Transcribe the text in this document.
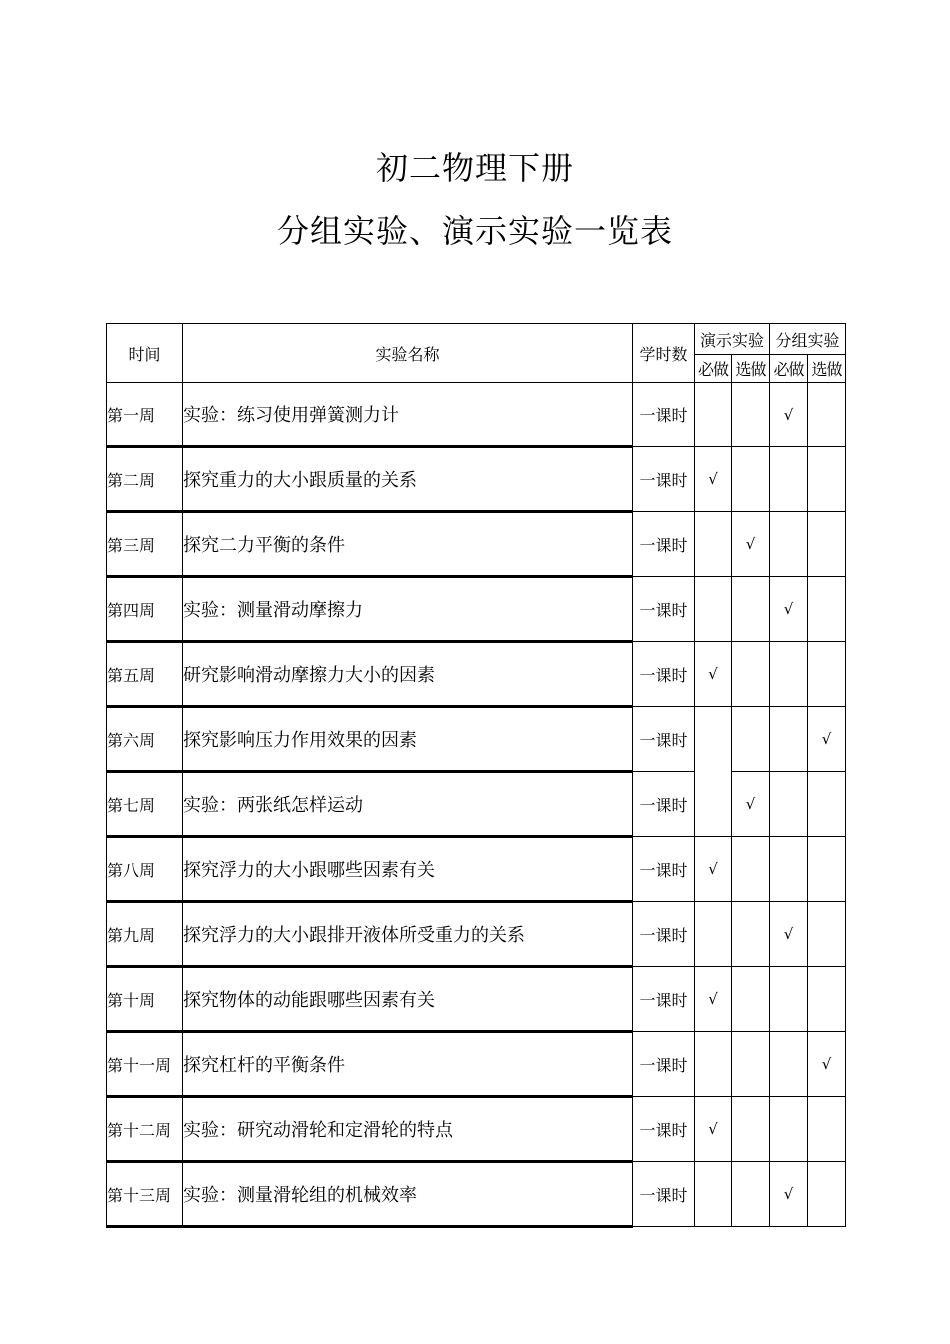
初二物理下册
分组实验、演示实验一览表
时间	实验名称	学时数	演示实验		分组实验	
			必做	选做	必做	选做
第一周	实验：练习使用弹簧测力计	一课时			√	
第二周	探究重力的大小跟质量的关系	一课时	√			
第三周	探究二力平衡的条件	一课时		√		
第四周	实验：测量滑动摩擦力	一课时			√	
第五周	研究影响滑动摩擦力大小的因素	一课时	√			
第六周	探究影响压力作用效果的因素	一课时				√
第七周	实验：两张纸怎样运动	一课时		√		
第八周	探究浮力的大小跟哪些因素有关	一课时	√			
第九周	探究浮力的大小跟排开液体所受重力的关系	一课时			√	
第十周	探究物体的动能跟哪些因素有关	一课时	√			
第十一周	探究杠杆的平衡条件	一课时				√
第十二周	实验：研究动滑轮和定滑轮的特点	一课时	√			
第十三周	实验：测量滑轮组的机械效率	一课时			√	
